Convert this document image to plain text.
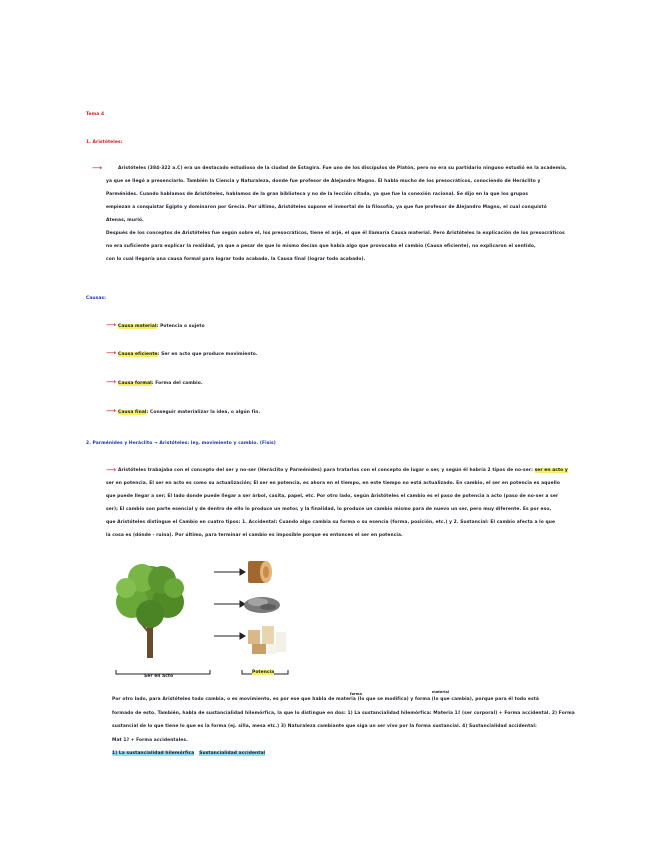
Tema 4
1. Aristóteles:
⟶	Aristóteles (384-322 a.C) era un destacado estudioso de la ciudad de Estagira. Fue uno de los discípulos de Platón, pero no era su partidario ninguno estudió en la academia,

ya que se llegó a presenciarlo. También la Ciencia y Naturaleza, donde fue profesor de Alejandro Magno. Él habla mucho de los presocráticos, conociendo de Heráclito y

Parménides. Cuando hablamos de Aristóteles, hablamos de la gran biblioteca y no de la lección citada, ya que fue la conexión racional. Se dijo en la que los grupos

empiezan a conquistar Egipto y dominaron por Grecia. Por último, Aristóteles supone el inmortal de la filosofía, ya que fue profesor de Alejandro Magno, el cual conquistó

Atenas, murió.

Después de los conceptos de Aristóteles fue según sobre el, los presocráticos, tiene el arjé, el que él llamaría Causa material. Pero Aristóteles la explicación de los presocráticos

no era suficiente para explicar la realidad, ya que a pesar de que lo mismo decían que había algo que provocaba el cambio (Causa eficiente), no explicaron el sentido,

con lo cual llegaría una causa formal para lograr todo acabado, la Causa final (lograr todo acabado).

Causas:
⟶ Causa material: Potencia o sujeto
⟶ Causa eficiente: Ser en acto que produce movimiento.
⟶ Causa formal: Forma del cambio.
⟶ Causa final: Conseguir materializar la idea, o algún fin.
2. Parménides y Heráclito → Aristóteles: ley, movimiento y cambio. (Fisis)
⟶ Aristóteles trabajaba con el concepto del ser y no-ser (Heráclito y Parménides) para tratarlos con el concepto de lugar o ser, y según él habría 2 tipos de no-ser: ser en acto y

ser en potencia. El ser en acto es como su actualización; El ser en potencia, es ahora en el tiempo, en este tiempo no está actualizado. En cambio, el ser en potencia es aquello

que puede llegar a ser; El lado donde puede llegar a ser árbol, casita, papel, etc. Por otro lado, según Aristóteles el cambio es el paso de potencia a acto (paso de no-ser a ser

ser); El cambio son parte esencial y de dentro de ello lo produce un motor, y la finalidad, lo produce un cambio mismo para de nuevo un ser, pero muy diferente. Es por eso,

que Aristóteles distingue el Cambio en cuatro tipos: 1. Accidental: Cuando algo cambia su forma o su esencia (forma, posición, etc.) y 2. Sustancial: El cambio afecta a lo que

la cosa es (dónde - ruina). Por último, para terminar el cambio es imposible porque es entonces el ser en potencia.

Ser en acto
Potencia
forma	material

Por otro lado, para Aristóteles todo cambia, o es movimiento, es por ese que habla de materia (lo que se modifica) y forma (lo que cambia), porque para él todo está

formado de esto. También, habla de sustancialidad hilemórfica, la que lo distingue en dos: 1) La sustancialidad hilemórfica: Materia 1ª (ser corporal) + Forma accidental. 2) Forma

sustancial de lo que tiene lo que es la forma (ej. silla, mesa etc.) 3) Naturaleza cambiante que siga un ser vivo por la forma sustancial. 4) Sustancialidad accidental:

Mat 1ª + Forma accidentales.

1) La sustancialidad hilemórfica Sustancialidad accidental
